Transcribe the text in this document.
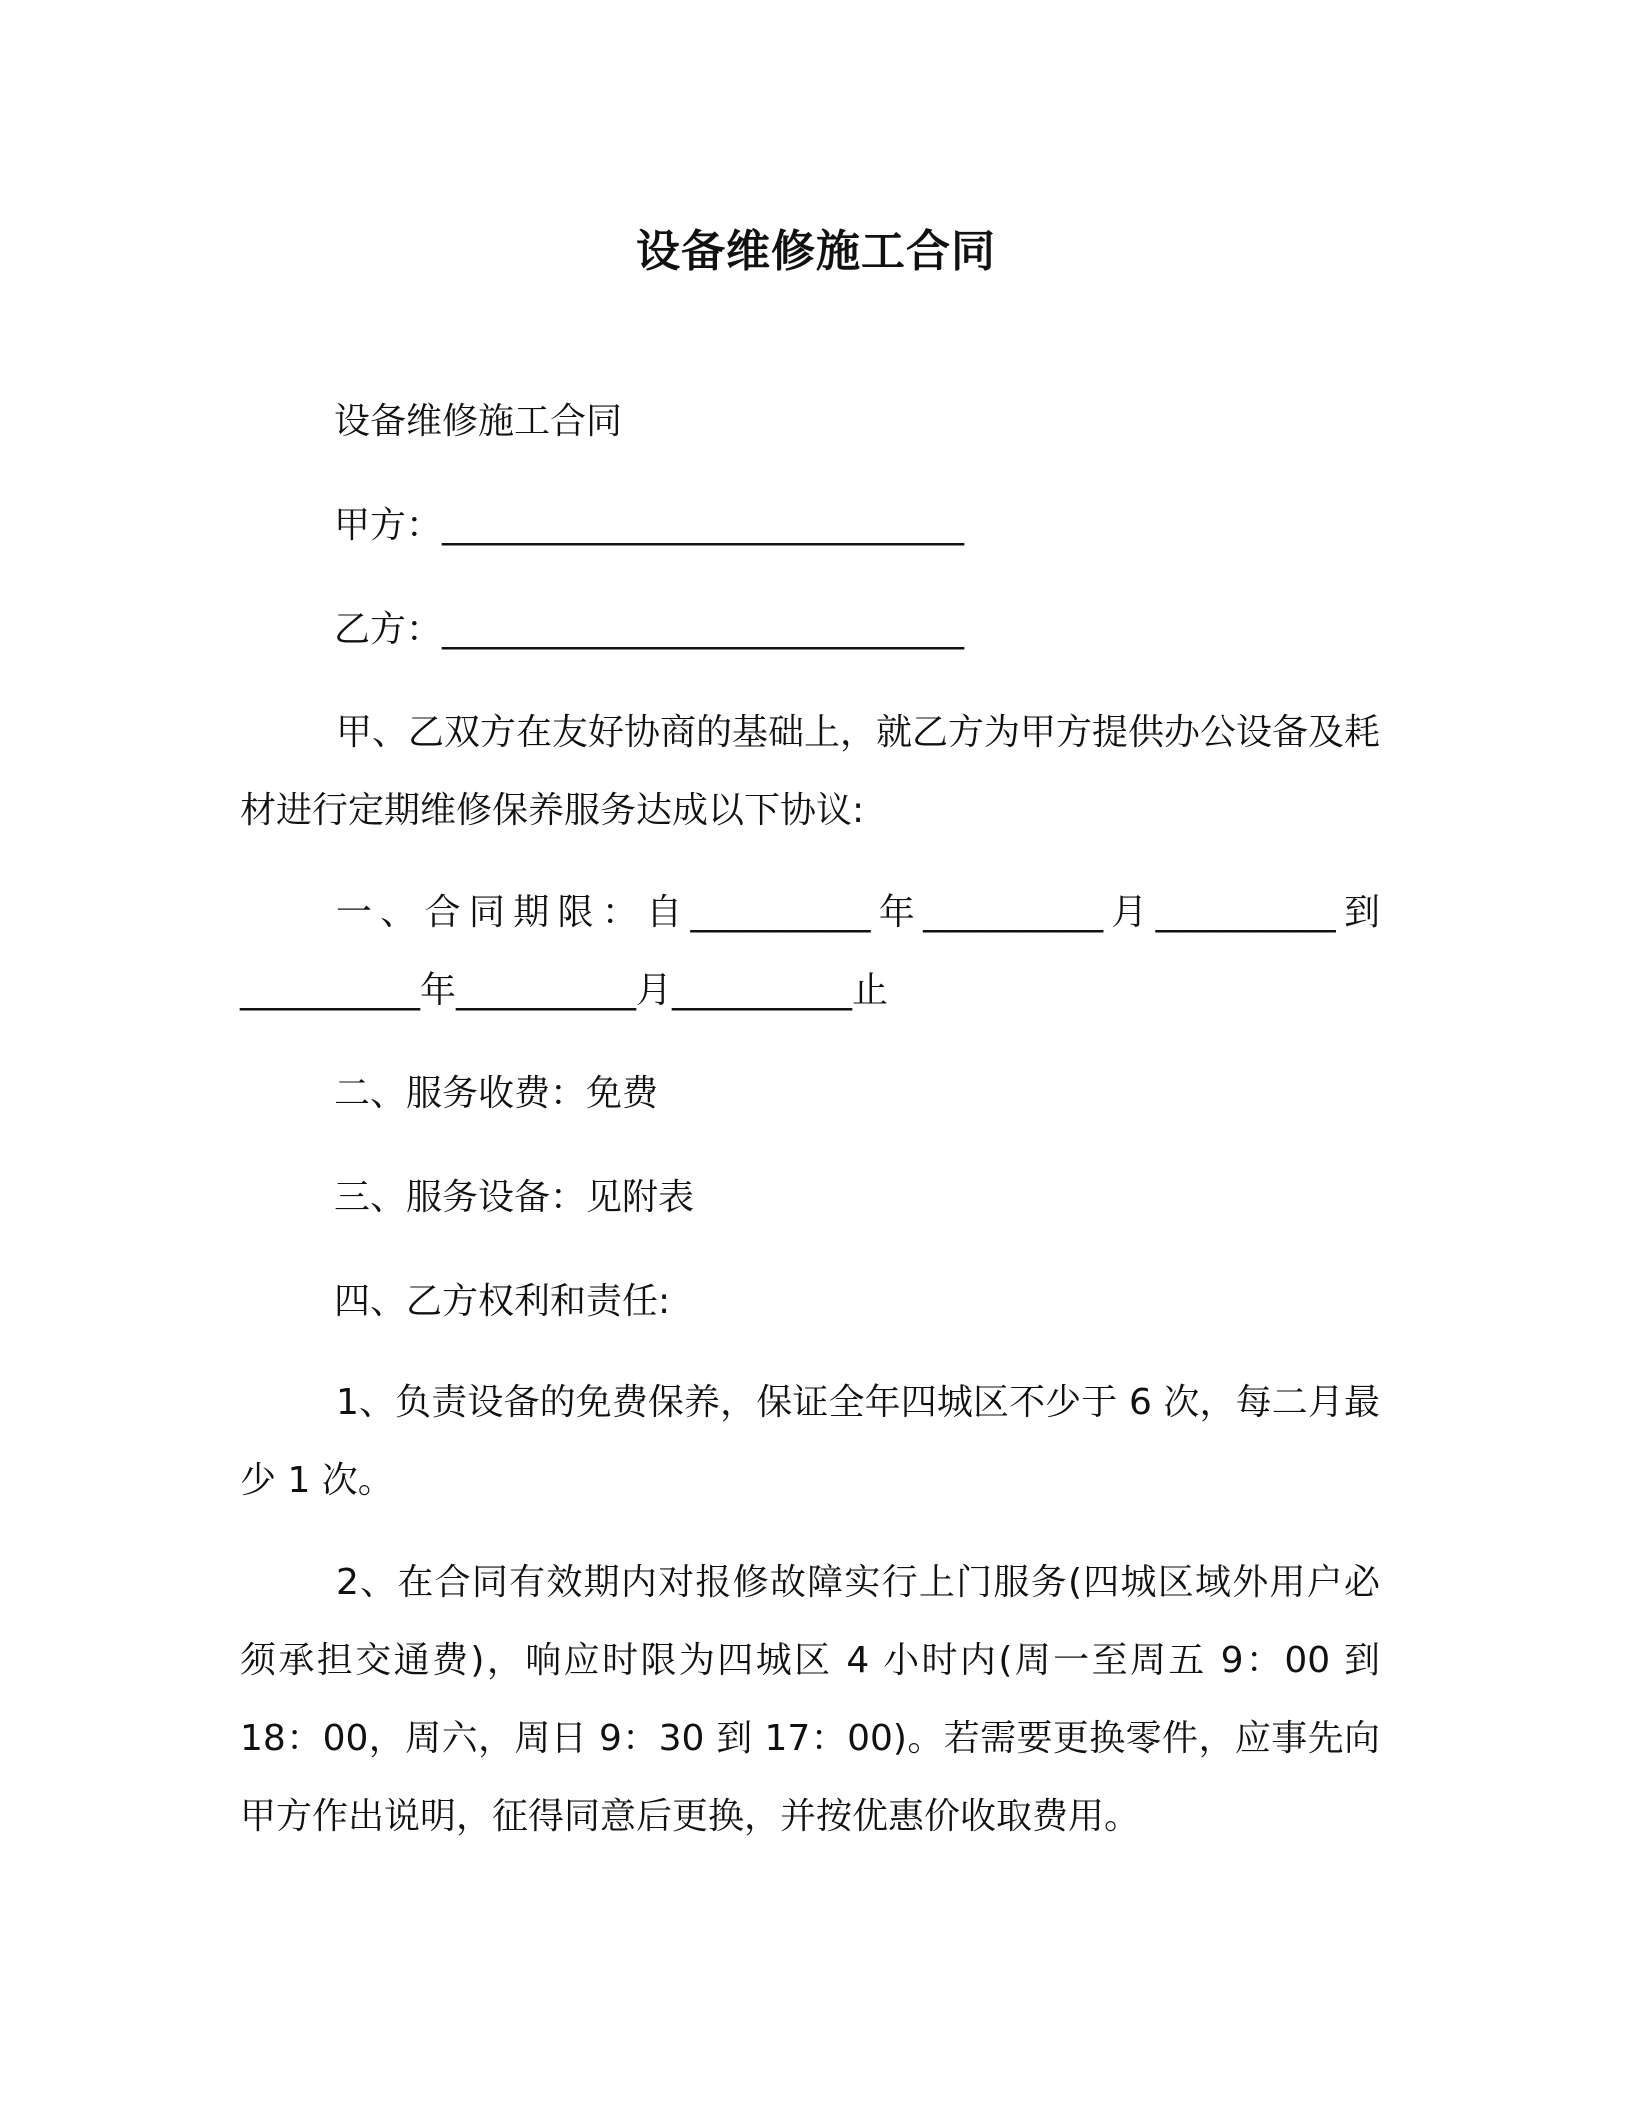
设备维修施工合同
设备维修施工合同
甲方：_____________________________
乙方：_____________________________
甲、乙双方在友好协商的基础上，就乙方为甲方提供办公设备及耗材进行定期维修保养服务达成以下协议:
一、合同期限：自__________年__________月__________到__________年__________月__________止
二、服务收费：免费
三、服务设备：见附表
四、乙方权利和责任:
1、负责设备的免费保养，保证全年四城区不少于 6 次，每二月最少 1 次。
2、在合同有效期内对报修故障实行上门服务(四城区域外用户必须承担交通费)，响应时限为四城区 4 小时内(周一至周五 9：00 到 18：00，周六，周日 9：30 到 17：00)。若需要更换零件，应事先向甲方作出说明，征得同意后更换，并按优惠价收取费用。
